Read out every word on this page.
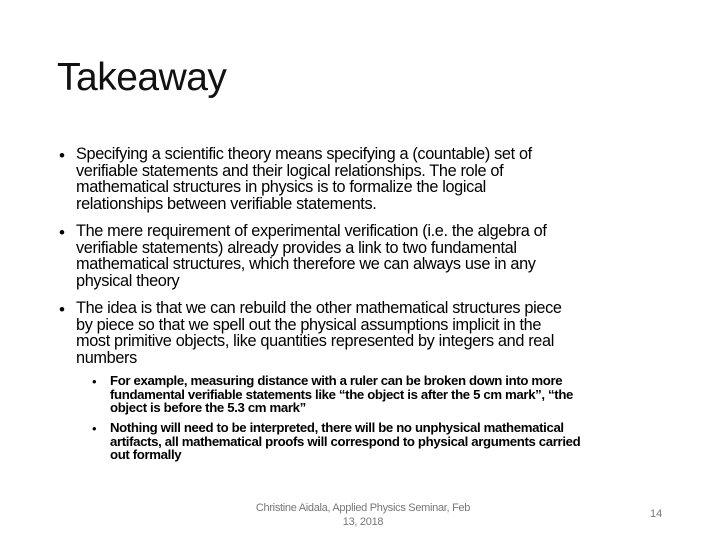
Takeaway
• Specifying a scientific theory means specifying a (countable) set of
verifiable statements and their logical relationships. The role of
mathematical structures in physics is to formalize the logical
relationships between verifiable statements.
• The mere requirement of experimental verification (i.e. the algebra of
verifiable statements) already provides a link to two fundamental
mathematical structures, which therefore we can always use in any
physical theory
• The idea is that we can rebuild the other mathematical structures piece
by piece so that we spell out the physical assumptions implicit in the
most primitive objects, like quantities represented by integers and real
numbers
• For example, measuring distance with a ruler can be broken down into more
fundamental verifiable statements like “the object is after the 5 cm mark”, “the
object is before the 5.3 cm mark”
• Nothing will need to be interpreted, there will be no unphysical mathematical
artifacts, all mathematical proofs will correspond to physical arguments carried
out formally
Christine Aidala, Applied Physics Seminar, Feb
13, 2018
14
